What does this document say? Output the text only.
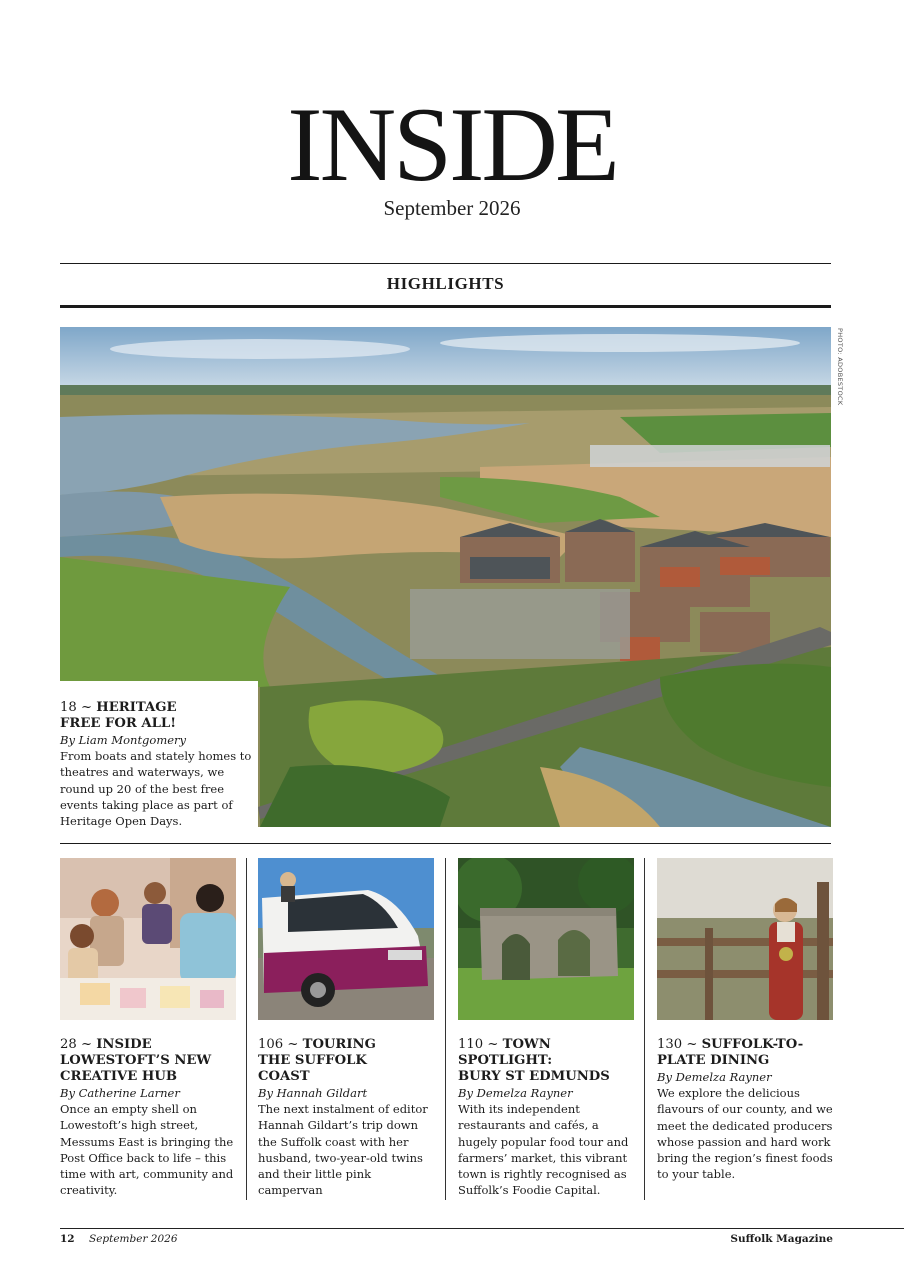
INSIDE
September 2026
HIGHLIGHTS
PHOTO: ADOBESTOCK

18 ~ HERITAGE
FREE FOR ALL!

By Liam Montgomery

From boats and stately homes to theatres and waterways, we round up 20 of the best free events taking place as part of Heritage Open Days.

28 ~ INSIDE
LOWESTOFT’S NEW
CREATIVE HUB

By Catherine Larner

Once an empty shell on Lowestoft’s high street, Messums East is bringing the Post Office back to life – this time with art, community and creativity.

106 ~ TOURING
THE SUFFOLK
COAST

By Hannah Gildart

The next instalment of editor Hannah Gildart’s trip down the Suffolk coast with her husband, two-year-old twins and their little pink campervan

110 ~ TOWN
SPOTLIGHT:
BURY ST EDMUNDS

By Demelza Rayner

With its independent restaurants and cafés, a hugely popular food tour and farmers’ market, this vibrant town is rightly recognised as Suffolk’s Foodie Capital.

130 ~ SUFFOLK-TO-
PLATE DINING

By Demelza Rayner

We explore the delicious flavours of our county, and we meet the dedicated producers whose passion and hard work bring the region’s finest foods to your table.

12 September 2026	Suffolk Magazine
